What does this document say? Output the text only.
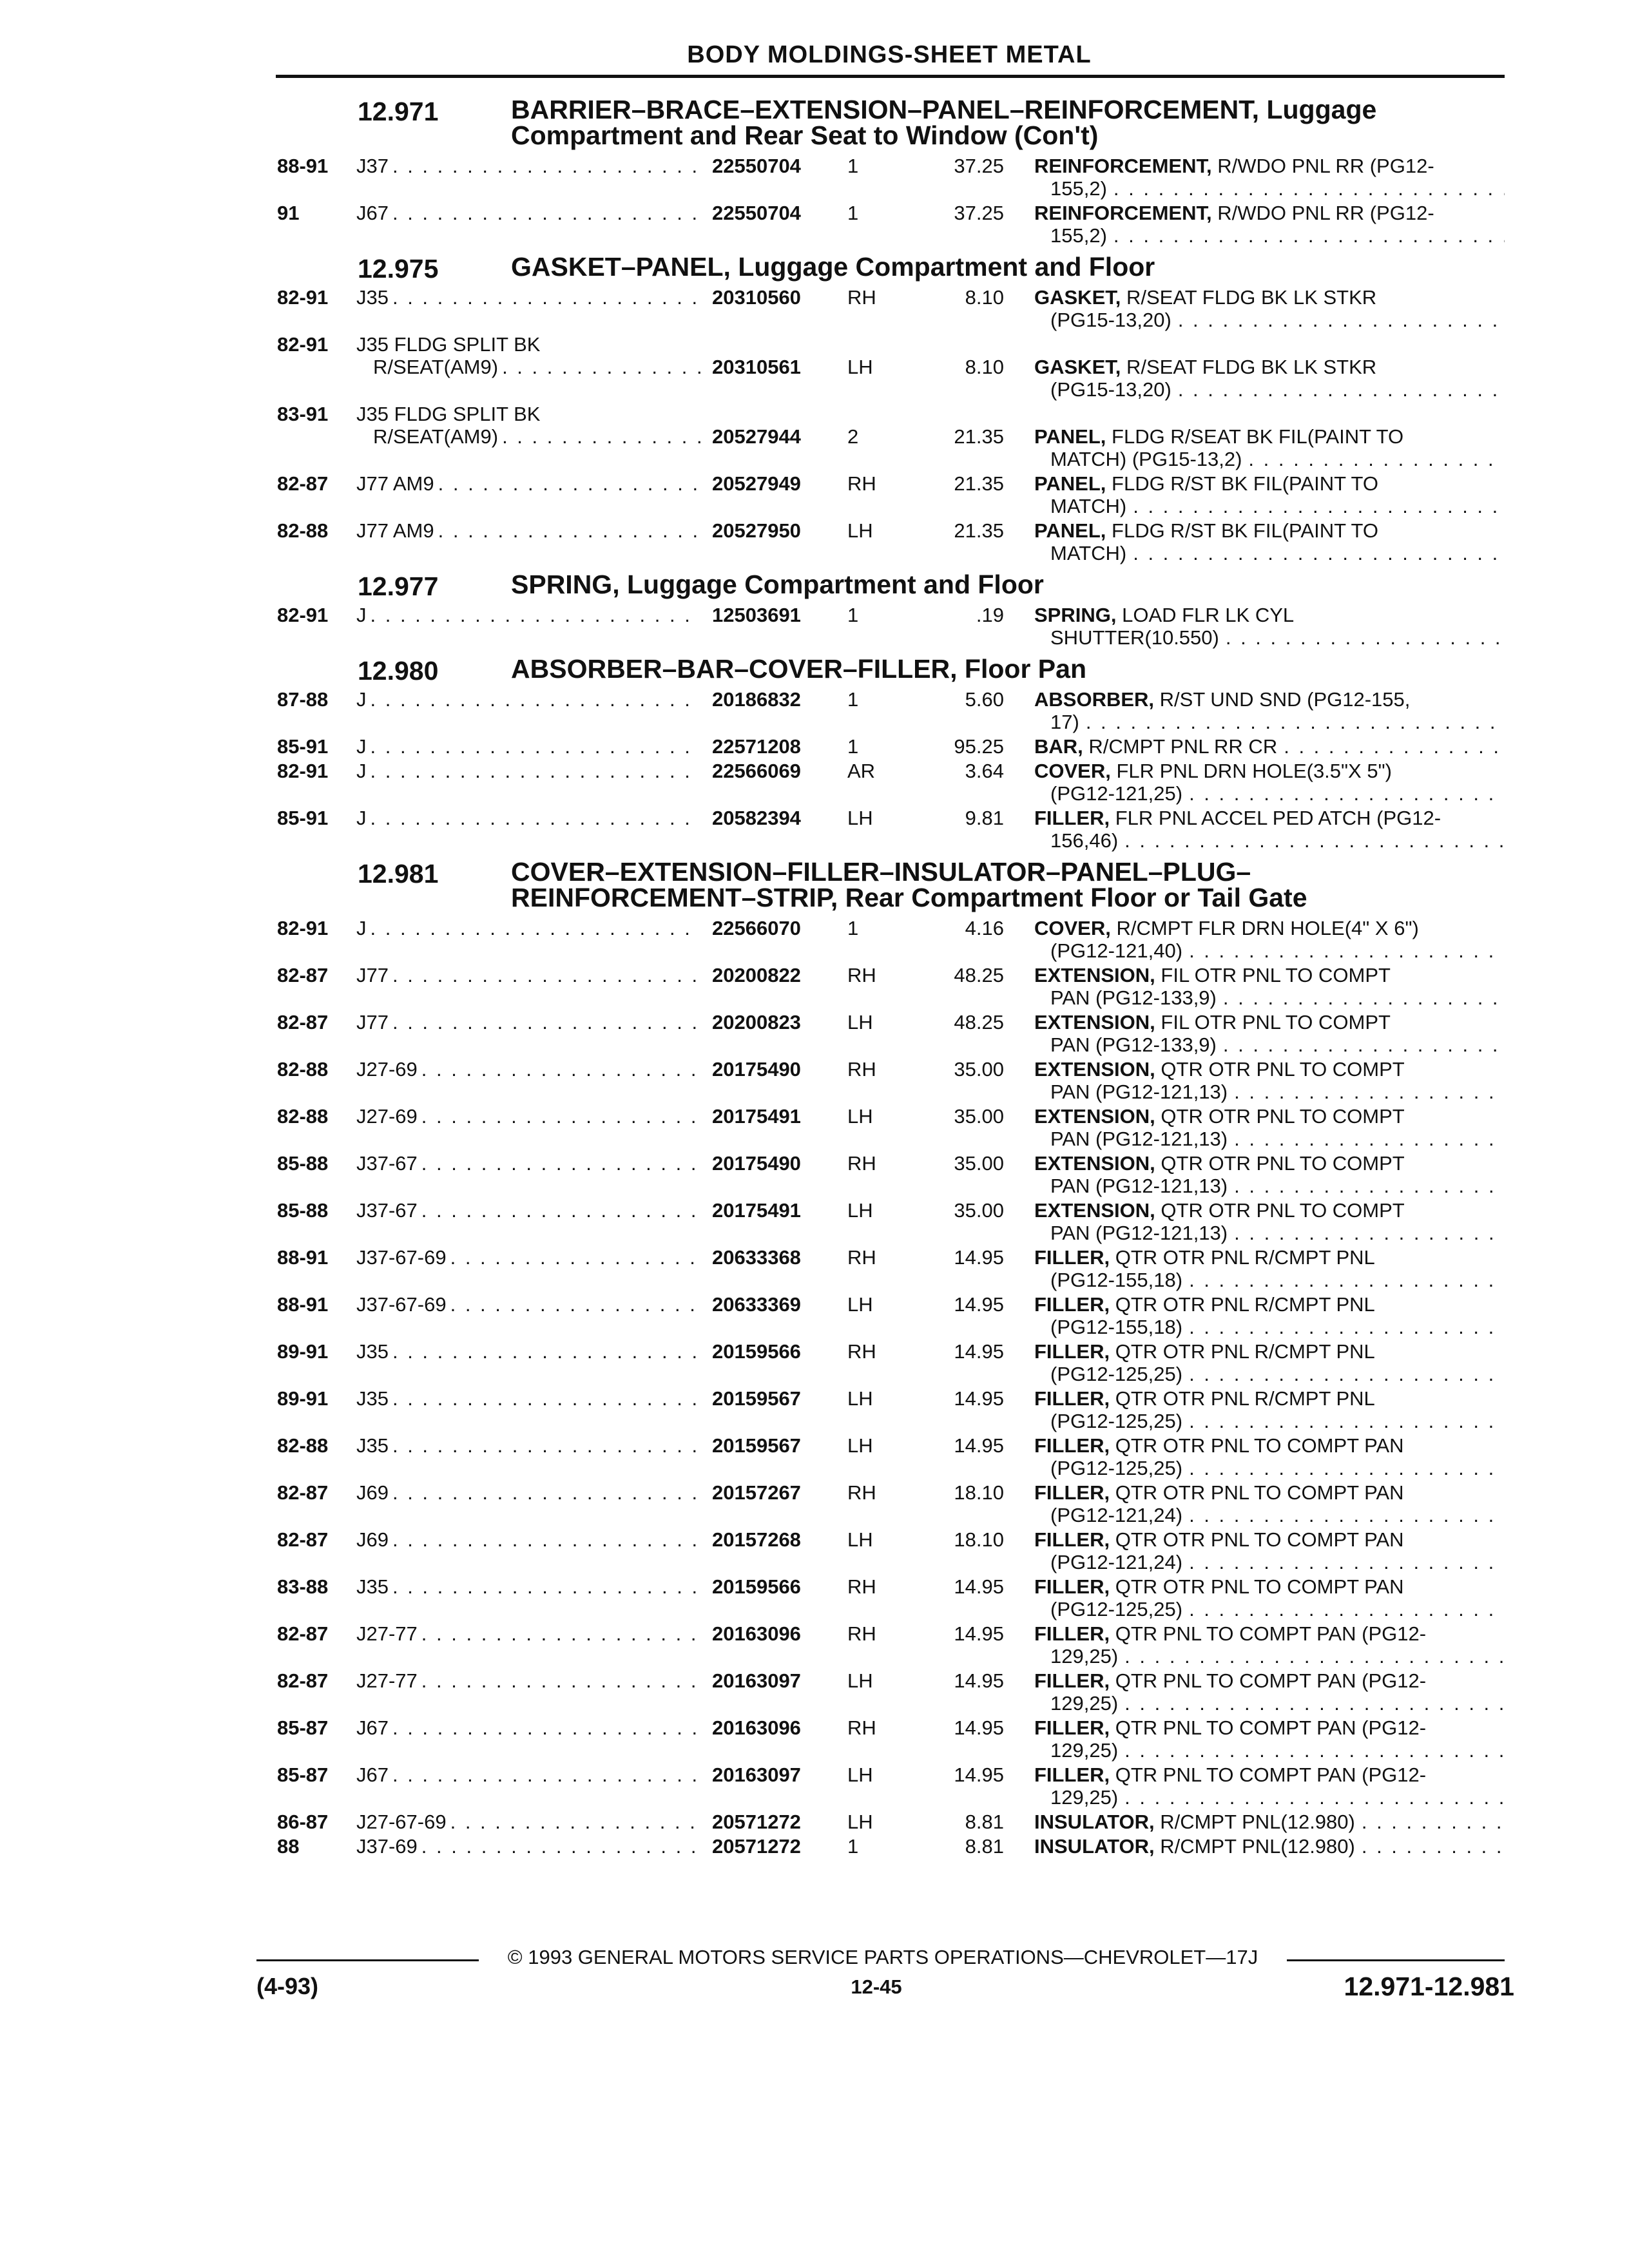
BODY MOLDINGS-SHEET METAL
12.971	BARRIER–BRACE–EXTENSION–PANEL–REINFORCEMENT, Luggage
Compartment and Rear Seat to Window (Con't)
88-91 J37 . . .	22550704 1	37.25 REINFORCEMENT,
R/WDO PNL RR (PG12-
155,2)
. . .
91	J67 . . .	22550704 1	37.25 REINFORCEMENT,
R/WDO PNL RR (PG12-
155,2)
. . .
12.975	GASKET–PANEL, Luggage Compartment and Floor
82-91 J35 . . .	20310560 RH	8.10 GASKET,
R/SEAT FLDG BK LK STKR
(PG15-13,20)
. . .
82-91 J35 FLDG SPLIT BK
R/SEAT(AM9) . . .	20310561 LH	8.10 GASKET,
R/SEAT FLDG BK LK STKR
(PG15-13,20)
. . .
83-91 J35 FLDG SPLIT BK
R/SEAT(AM9) . . .	20527944 2	21.35 PANEL,
FLDG R/SEAT BK FIL(PAINT TO
MATCH) (PG15-13,2)
. . .
82-87 J77 AM9 . . .	20527949 RH	21.35 PANEL,
FLDG R/ST BK FIL(PAINT TO
MATCH)
. . .
82-88 J77 AM9 . . .	20527950 LH	21.35 PANEL,
FLDG R/ST BK FIL(PAINT TO
MATCH)
. . .
12.977	SPRING, Luggage Compartment and Floor
82-91 J . . .	12503691 1	.19 SPRING,
LOAD FLR LK CYL
SHUTTER(10.550)
. . .
12.980	ABSORBER–BAR–COVER–FILLER, Floor Pan
87-88 J . . .	20186832 1	5.60 ABSORBER,
R/ST UND SND (PG12-155,
17)
. . .
85-91 J . . .	22571208 1	95.25 BAR,
R/CMPT PNL RR CR
. . .
82-91 J . . .	22566069 AR	3.64 COVER,
FLR PNL DRN HOLE(3.5"X 5")
(PG12-121,25)
. . .
85-91 J . . .	20582394 LH	9.81 FILLER,
FLR PNL ACCEL PED ATCH (PG12-
156,46)
. . .
12.981	COVER–EXTENSION–FILLER–INSULATOR–PANEL–PLUG–
REINFORCEMENT–STRIP, Rear Compartment Floor or Tail Gate
82-91 J . . .	22566070 1	4.16 COVER,
R/CMPT FLR DRN HOLE(4" X 6")
(PG12-121,40)
. . .
82-87 J77 . . .	20200822 RH	48.25 EXTENSION,
FIL OTR PNL TO COMPT
PAN (PG12-133,9)
. . .
82-87 J77 . . .	20200823 LH	48.25 EXTENSION,
FIL OTR PNL TO COMPT
PAN (PG12-133,9)
. . .
82-88 J27-69 . . .	20175490 RH	35.00 EXTENSION,
QTR OTR PNL TO COMPT
PAN (PG12-121,13)
. . .
82-88 J27-69 . . .	20175491 LH	35.00 EXTENSION,
QTR OTR PNL TO COMPT
PAN (PG12-121,13)
. . .
85-88 J37-67 . . .	20175490 RH	35.00 EXTENSION,
QTR OTR PNL TO COMPT
PAN (PG12-121,13)
. . .
85-88 J37-67 . . .	20175491 LH	35.00 EXTENSION,
QTR OTR PNL TO COMPT
PAN (PG12-121,13)
. . .
88-91 J37-67-69 . . .	20633368 RH	14.95 FILLER,
QTR OTR PNL R/CMPT PNL
(PG12-155,18)
. . .
88-91 J37-67-69 . . .	20633369 LH	14.95 FILLER,
QTR OTR PNL R/CMPT PNL
(PG12-155,18)
. . .
89-91 J35 . . .	20159566 RH	14.95 FILLER,
QTR OTR PNL R/CMPT PNL
(PG12-125,25)
. . .
89-91 J35 . . .	20159567 LH	14.95 FILLER,
QTR OTR PNL R/CMPT PNL
(PG12-125,25)
. . .
82-88 J35 . . .	20159567 LH	14.95 FILLER,
QTR OTR PNL TO COMPT PAN
(PG12-125,25)
. . .
82-87 J69 . . .	20157267 RH	18.10 FILLER,
QTR OTR PNL TO COMPT PAN
(PG12-121,24)
. . .
82-87 J69 . . .	20157268 LH	18.10 FILLER,
QTR OTR PNL TO COMPT PAN
(PG12-121,24)
. . .
83-88 J35 . . .	20159566 RH	14.95 FILLER,
QTR OTR PNL TO COMPT PAN
(PG12-125,25)
. . .
82-87 J27-77 . . .	20163096 RH	14.95 FILLER,
QTR PNL TO COMPT PAN (PG12-
129,25)
. . .
82-87 J27-77 . . .	20163097 LH	14.95 FILLER,
QTR PNL TO COMPT PAN (PG12-
129,25)
. . .
85-87 J67 . . .	20163096 RH	14.95 FILLER,
QTR PNL TO COMPT PAN (PG12-
129,25)
. . .
85-87 J67 . . .	20163097 LH	14.95 FILLER,
QTR PNL TO COMPT PAN (PG12-
129,25)
. . .
86-87 J27-67-69 . . .	20571272 LH	8.81 INSULATOR,
R/CMPT PNL(12.980)
. . .
88	J37-69 . . .	20571272 1	8.81 INSULATOR,
R/CMPT PNL(12.980)
. . .
© 1993 GENERAL MOTORS SERVICE PARTS OPERATIONS—CHEVROLET—17J
(4-93)	12-45	12.971-12.981
